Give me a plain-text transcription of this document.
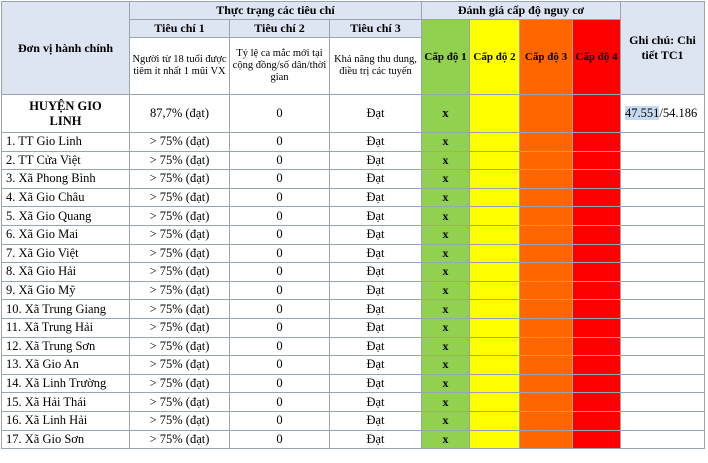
Đơn vị hành chính	Thực trạng các tiêu chí			Đánh giá cấp độ nguy cơ				Ghi chú: Chi tiết TC1
	Tiêu chí 1	Tiêu chí 2	Tiêu chí 3	Cấp độ 1	Cấp độ 2	Cấp độ 3	Cấp độ 4	
	Người từ 18 tuổi được tiêm ít nhất 1 mũi VX	Tỷ lệ ca mắc mới tại cộng đồng/số dân/thời gian	Khả năng thu dung, điều trị các tuyến					
HUYỆN GIO LINH	87,7% (đạt)	0	Đạt	x				47.551/54.186
1. TT Gio Linh	> 75% (đạt)	0	Đạt	x				
2. TT Cửa Việt	> 75% (đạt)	0	Đạt	x				
3. Xã Phong Bình	> 75% (đạt)	0	Đạt	x				
4. Xã Gio Châu	> 75% (đạt)	0	Đạt	x				
5. Xã Gio Quang	> 75% (đạt)	0	Đạt	x				
6. Xã Gio Mai	> 75% (đạt)	0	Đạt	x				
7. Xã Gio Việt	> 75% (đạt)	0	Đạt	x				
8. Xã Gio Hải	> 75% (đạt)	0	Đạt	x				
9. Xã Gio Mỹ	> 75% (đạt)	0	Đạt	x				
10. Xã Trung Giang	> 75% (đạt)	0	Đạt	x				
11. Xã Trung Hải	> 75% (đạt)	0	Đạt	x				
12. Xã Trung Sơn	> 75% (đạt)	0	Đạt	x				
13. Xã Gio An	> 75% (đạt)	0	Đạt	x				
14. Xã Linh Trường	> 75% (đạt)	0	Đạt	x				
15. Xã Hải Thái	> 75% (đạt)	0	Đạt	x				
16. Xã Linh Hải	> 75% (đạt)	0	Đạt	x				
17. Xã Gio Sơn	> 75% (đạt)	0	Đạt	x				
